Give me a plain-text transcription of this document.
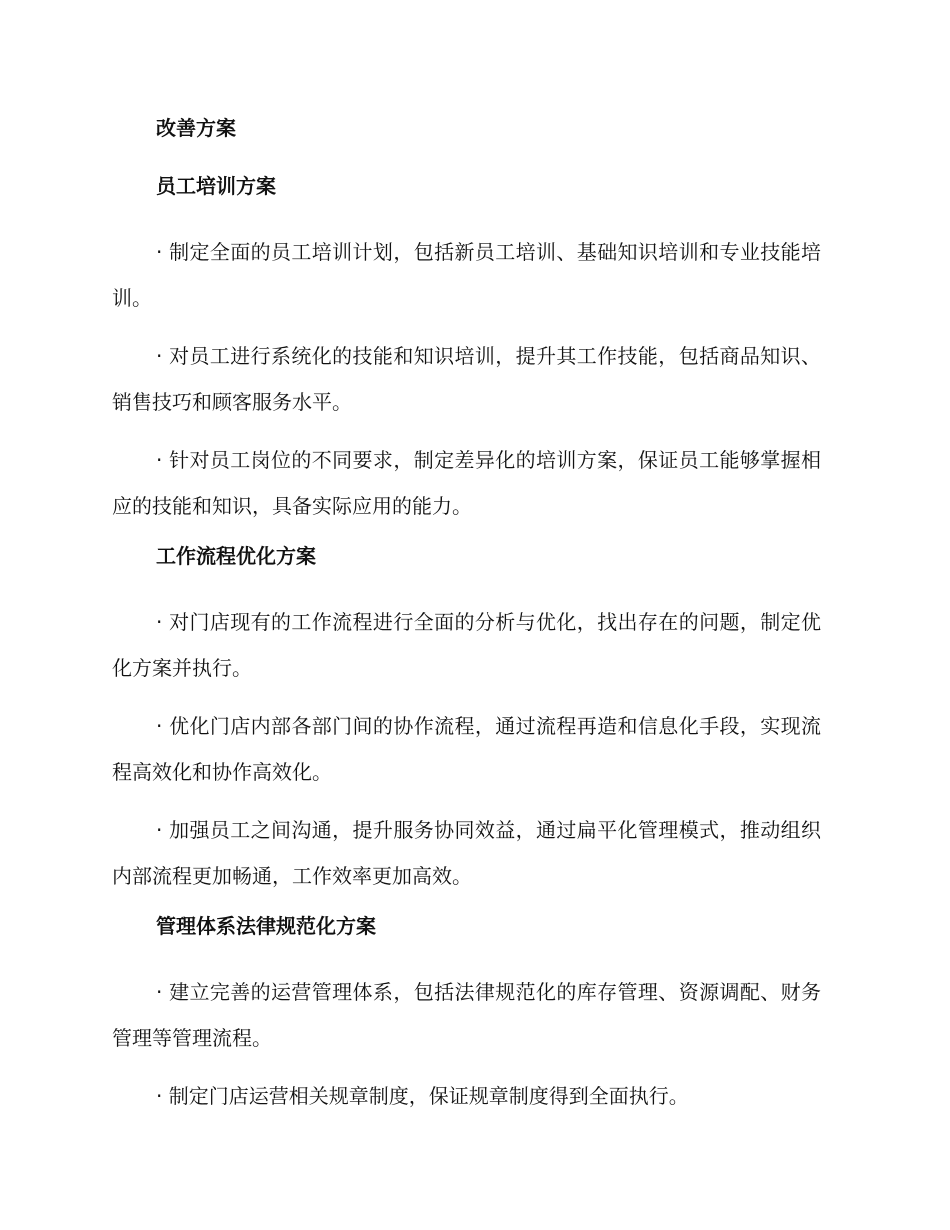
改善方案
员工培训方案

· 制定全面的员工培训计划，包括新员工培训、基础知识培训和专业技能培训。

· 对员工进行系统化的技能和知识培训，提升其工作技能，包括商品知识、销售技巧和顾客服务水平。

· 针对员工岗位的不同要求，制定差异化的培训方案，保证员工能够掌握相应的技能和知识，具备实际应用的能力。

工作流程优化方案

· 对门店现有的工作流程进行全面的分析与优化，找出存在的问题，制定优化方案并执行。

· 优化门店内部各部门间的协作流程，通过流程再造和信息化手段，实现流程高效化和协作高效化。

· 加强员工之间沟通，提升服务协同效益，通过扁平化管理模式，推动组织内部流程更加畅通，工作效率更加高效。

管理体系法律规范化方案

· 建立完善的运营管理体系，包括法律规范化的库存管理、资源调配、财务管理等管理流程。

· 制定门店运营相关规章制度，保证规章制度得到全面执行。
